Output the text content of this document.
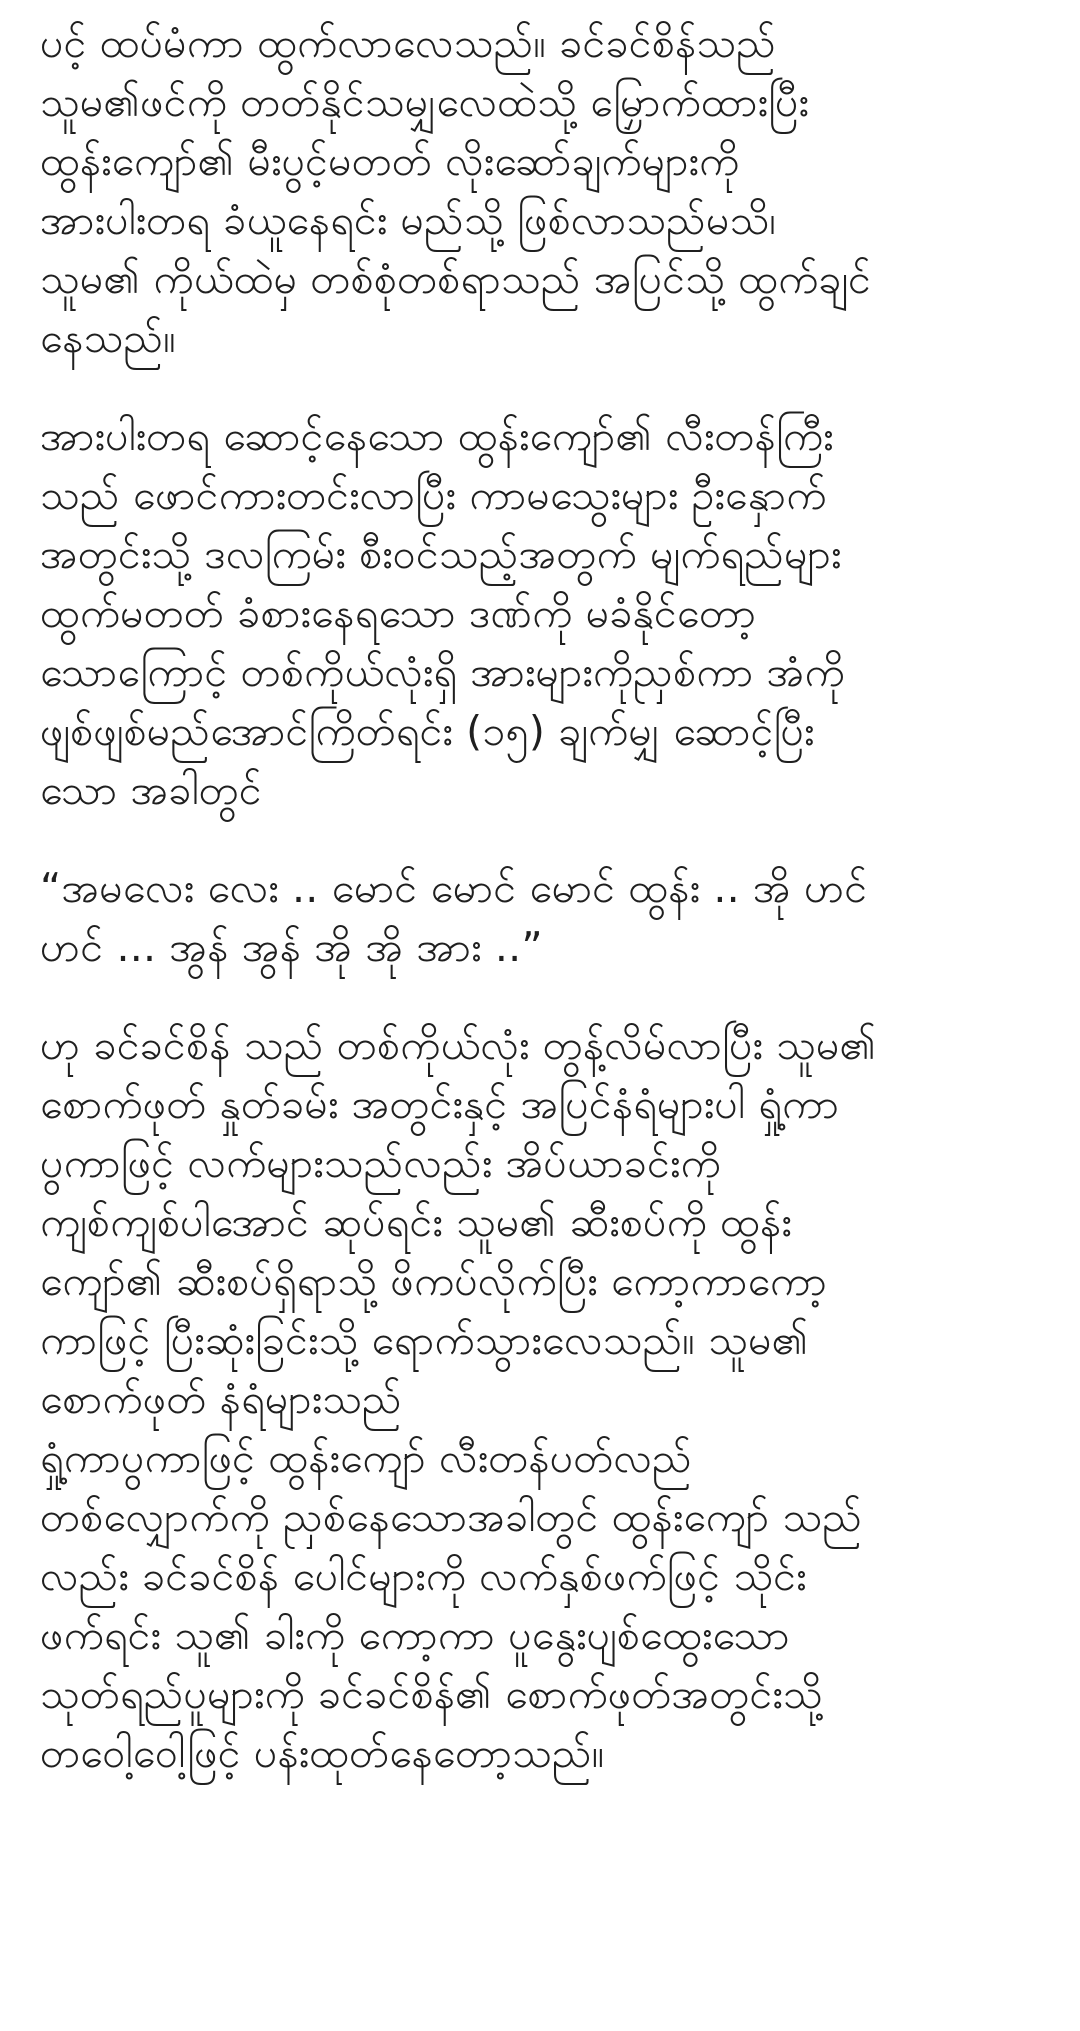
ပင့် ထပ်မံကာ ထွက်လာလေသည်။ ခင်ခင်စိန်သည်

သူမ၏ဖင်ကို တတ်နိုင်သမျှလေထဲသို့ မြှောက်ထားပြီး

ထွန်းကျော်၏ မီးပွင့်မတတ် လိုးဆော်ချက်များကို

အားပါးတရ ခံယူနေရင်း မည်သို့ ဖြစ်လာသည်မသိ၊

သူမ၏ ကိုယ်ထဲမှ တစ်စုံတစ်ရာသည် အပြင်သို့ ထွက်ချင်

နေသည်။

အားပါးတရ ဆောင့်နေသော ထွန်းကျော်၏ လီးတန်ကြီး

သည် ဖောင်ကားတင်းလာပြီး ကာမသွေးများ ဦးနှောက်

အတွင်းသို့ ဒလကြမ်း စီးဝင်သည့်အတွက် မျက်ရည်များ

ထွက်မတတ် ခံစားနေရသော ဒဏ်ကို မခံနိုင်တော့

သောကြောင့် တစ်ကိုယ်လုံးရှိ အားများကိုညှစ်ကာ အံကို

ဖျစ်ဖျစ်မည်အောင်ကြိတ်ရင်း (၁၅) ချက်မျှ ဆောင့်ပြီး

သော အခါတွင်

“အမလေး လေး .. မောင် မောင် မောင် ထွန်း .. အို ဟင်

ဟင် ... အွန် အွန် အို အို အား ..”

ဟု ခင်ခင်စိန် သည် တစ်ကိုယ်လုံး တွန့်လိမ်လာပြီး သူမ၏

စောက်ဖုတ် နှုတ်ခမ်း အတွင်းနှင့် အပြင်နံရံများပါ ရှုံ့ကာ

ပွကာဖြင့် လက်များသည်လည်း အိပ်ယာခင်းကို

ကျစ်ကျစ်ပါအောင် ဆုပ်ရင်း သူမ၏ ဆီးစပ်ကို ထွန်း

ကျော်၏ ဆီးစပ်ရှိရာသို့ ဖိကပ်လိုက်ပြီး ကော့ကာကော့

ကာဖြင့် ပြီးဆုံးခြင်းသို့ ရောက်သွားလေသည်။ သူမ၏

စောက်ဖုတ် နံရံများသည်

ရှုံ့ကာပွကာဖြင့် ထွန်းကျော် လီးတန်ပတ်လည်

တစ်လျှောက်ကို ညှစ်နေသောအခါတွင် ထွန်းကျော် သည်

လည်း ခင်ခင်စိန် ပေါင်များကို လက်နှစ်ဖက်ဖြင့် သိုင်း

ဖက်ရင်း သူ၏ ခါးကို ကော့ကာ ပူနွေးပျစ်ထွေးသော

သုတ်ရည်ပူများကို ခင်ခင်စိန်၏ စောက်ဖုတ်အတွင်းသို့

တဝေါ့ဝေါ့ဖြင့် ပန်းထုတ်နေတော့သည်။
